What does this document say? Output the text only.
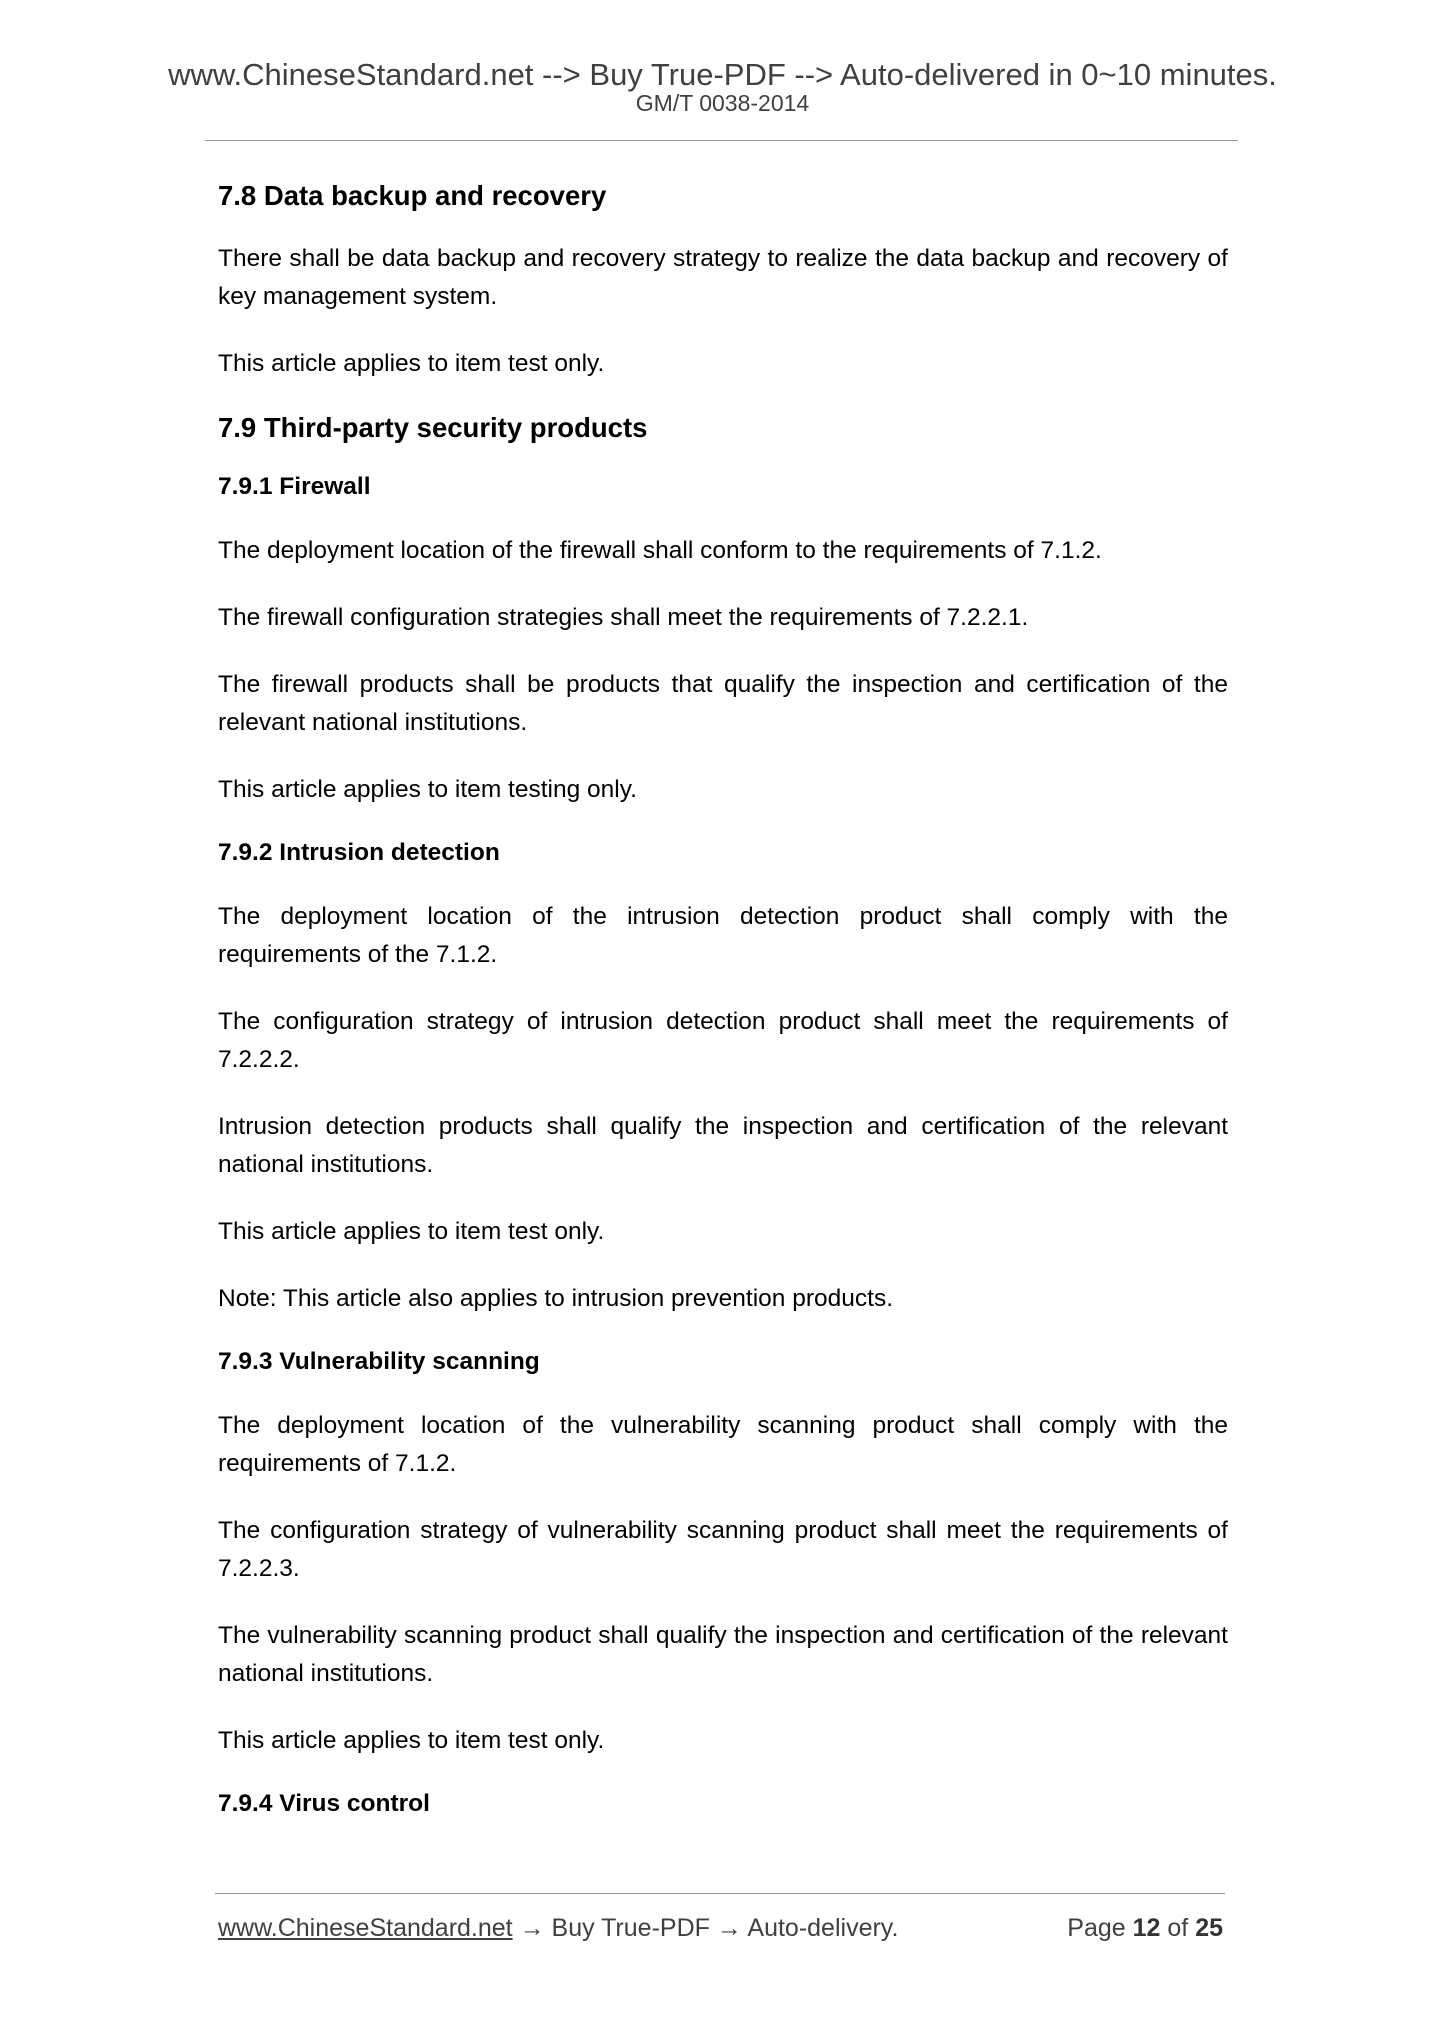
www.ChineseStandard.net --> Buy True-PDF --> Auto-delivered in 0~10 minutes.
GM/T 0038-2014
7.8 Data backup and recovery
There shall be data backup and recovery strategy to realize the data backup and recovery of key management system.
This article applies to item test only.
7.9 Third-party security products
7.9.1 Firewall
The deployment location of the firewall shall conform to the requirements of 7.1.2.
The firewall configuration strategies shall meet the requirements of 7.2.2.1.
The firewall products shall be products that qualify the inspection and certification of the relevant national institutions.
This article applies to item testing only.
7.9.2 Intrusion detection
The deployment location of the intrusion detection product shall comply with the requirements of the 7.1.2.
The configuration strategy of intrusion detection product shall meet the requirements of 7.2.2.2.
Intrusion detection products shall qualify the inspection and certification of the relevant national institutions.
This article applies to item test only.
Note: This article also applies to intrusion prevention products.
7.9.3 Vulnerability scanning
The deployment location of the vulnerability scanning product shall comply with the requirements of 7.1.2.
The configuration strategy of vulnerability scanning product shall meet the requirements of 7.2.2.3.
The vulnerability scanning product shall qualify the inspection and certification of the relevant national institutions.
This article applies to item test only.
7.9.4 Virus control
www.ChineseStandard.net → Buy True-PDF → Auto-delivery.	Page 12 of 25
